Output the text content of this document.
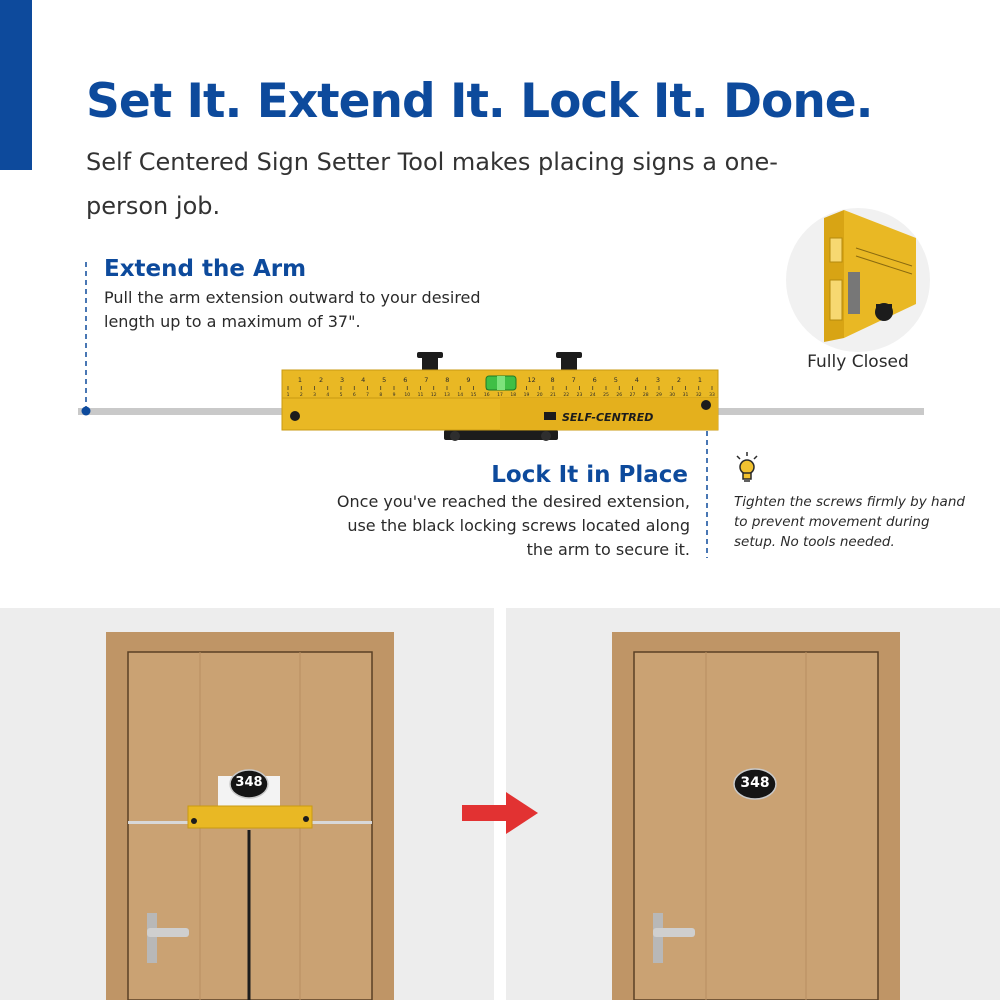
Set It. Extend It. Lock It. Done.

Self Centered Sign Setter Tool makes placing signs a one-person job.

1	2	3	4	5	6	7	8	9	12 8	7	6	5	4	3	2	1
1 2 3 4 5 6 7 8 9 10 11 12 13 14 15 16 17 18 19 20 21 22 23 24 25 26 27 28 29 30 31 32 33
SELF-CENTRED
Fully Closed
Extend the Arm

Pull the arm extension outward to your desired length up to a maximum of 37".

Lock It in Place

Once you've reached the desired extension, use the black locking screws located along the arm to secure it.

Tighten the screws firmly by hand to prevent movement during setup. No tools needed.

348	348
